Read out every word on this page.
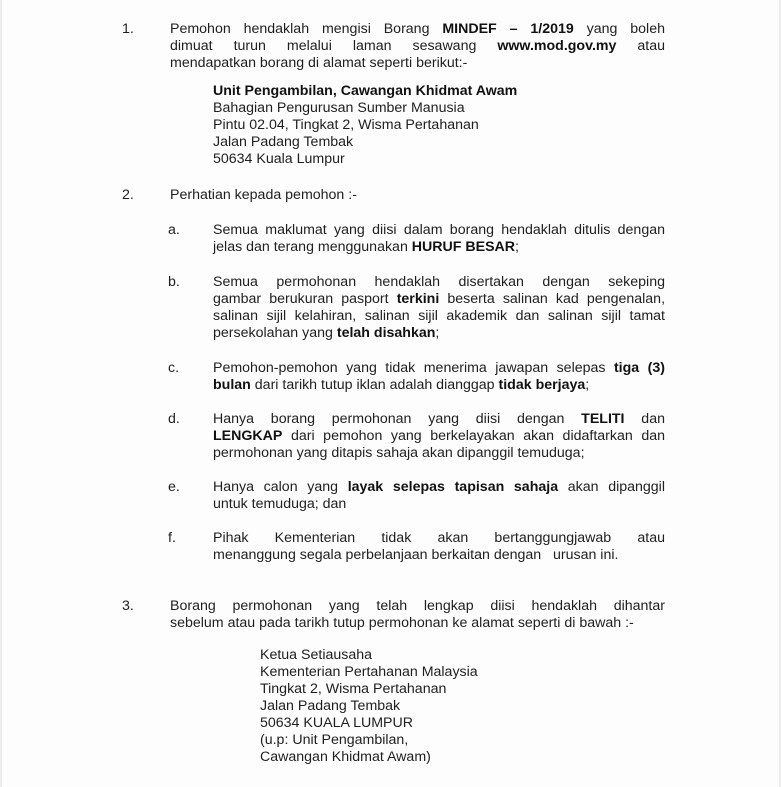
1.	Pemohon hendaklah mengisi Borang MINDEF – 1/2019 yang boleh
dimuat turun melalui laman sesawang www.mod.gov.my atau
mendapatkan borang di alamat seperti berikut:-
Unit Pengambilan, Cawangan Khidmat Awam
Bahagian Pengurusan Sumber Manusia
Pintu 02.04, Tingkat 2, Wisma Pertahanan
Jalan Padang Tembak
50634 Kuala Lumpur
2.	Perhatian kepada pemohon :-
a. Semua maklumat yang diisi dalam borang hendaklah ditulis dengan
jelas dan terang menggunakan HURUF BESAR;
b. Semua permohonan hendaklah disertakan dengan sekeping
gambar berukuran pasport terkini beserta salinan kad pengenalan,
salinan sijil kelahiran, salinan sijil akademik dan salinan sijil tamat
persekolahan yang telah disahkan;
c. Pemohon-pemohon yang tidak menerima jawapan selepas tiga (3)
bulan dari tarikh tutup iklan adalah dianggap tidak berjaya;
d. Hanya borang permohonan yang diisi dengan TELITI dan
LENGKAP dari pemohon yang berkelayakan akan didaftarkan dan
permohonan yang ditapis sahaja akan dipanggil temuduga;
e. Hanya calon yang layak selepas tapisan sahaja akan dipanggil
untuk temuduga; dan
f.	Pihak Kementerian tidak akan bertanggungjawab atau
menanggung segala perbelanjaan berkaitan dengan   urusan ini.
3.	Borang permohonan yang telah lengkap diisi hendaklah dihantar
sebelum atau pada tarikh tutup permohonan ke alamat seperti di bawah :-
Ketua Setiausaha
Kementerian Pertahanan Malaysia
Tingkat 2, Wisma Pertahanan
Jalan Padang Tembak
50634 KUALA LUMPUR
(u.p: Unit Pengambilan,
Cawangan Khidmat Awam)
